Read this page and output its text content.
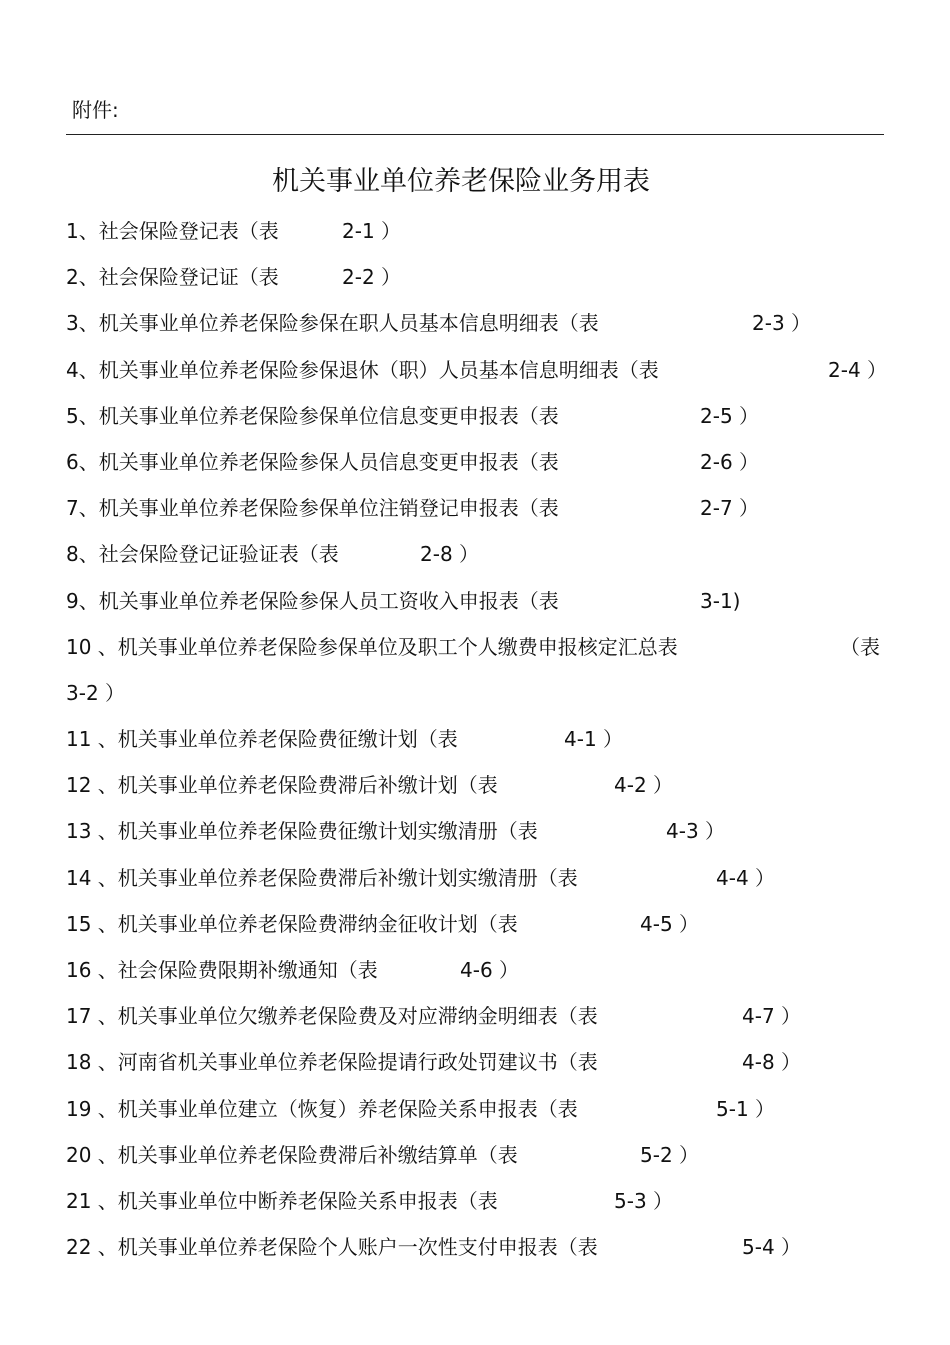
附件:
机关事业单位养老保险业务用表
1、社会保险登记表（表	2-1 ）
2、社会保险登记证（表	2-2 ）
3、机关事业单位养老保险参保在职人员基本信息明细表（表	2-3 ）
4、机关事业单位养老保险参保退休（职）人员基本信息明细表（表	2-4 ）
5、机关事业单位养老保险参保单位信息变更申报表（表	2-5 ）
6、机关事业单位养老保险参保人员信息变更申报表（表	2-6 ）
7、机关事业单位养老保险参保单位注销登记申报表（表	2-7 ）
8、社会保险登记证验证表（表	2-8 ）
9、机关事业单位养老保险参保人员工资收入申报表（表	3-1)
10 、机关事业单位养老保险参保单位及职工个人缴费申报核定汇总表	（表
3-2 ）
11 、机关事业单位养老保险费征缴计划（表	4-1 ）
12 、机关事业单位养老保险费滞后补缴计划（表	4-2 ）
13 、机关事业单位养老保险费征缴计划实缴清册（表	4-3 ）
14 、机关事业单位养老保险费滞后补缴计划实缴清册（表	4-4 ）
15 、机关事业单位养老保险费滞纳金征收计划（表	4-5 ）
16 、社会保险费限期补缴通知（表	4-6 ）
17 、机关事业单位欠缴养老保险费及对应滞纳金明细表（表	4-7 ）
18 、河南省机关事业单位养老保险提请行政处罚建议书（表	4-8 ）
19 、机关事业单位建立（恢复）养老保险关系申报表（表	5-1 ）
20 、机关事业单位养老保险费滞后补缴结算单（表	5-2 ）
21 、机关事业单位中断养老保险关系申报表（表	5-3 ）
22 、机关事业单位养老保险个人账户一次性支付申报表（表	5-4 ）
